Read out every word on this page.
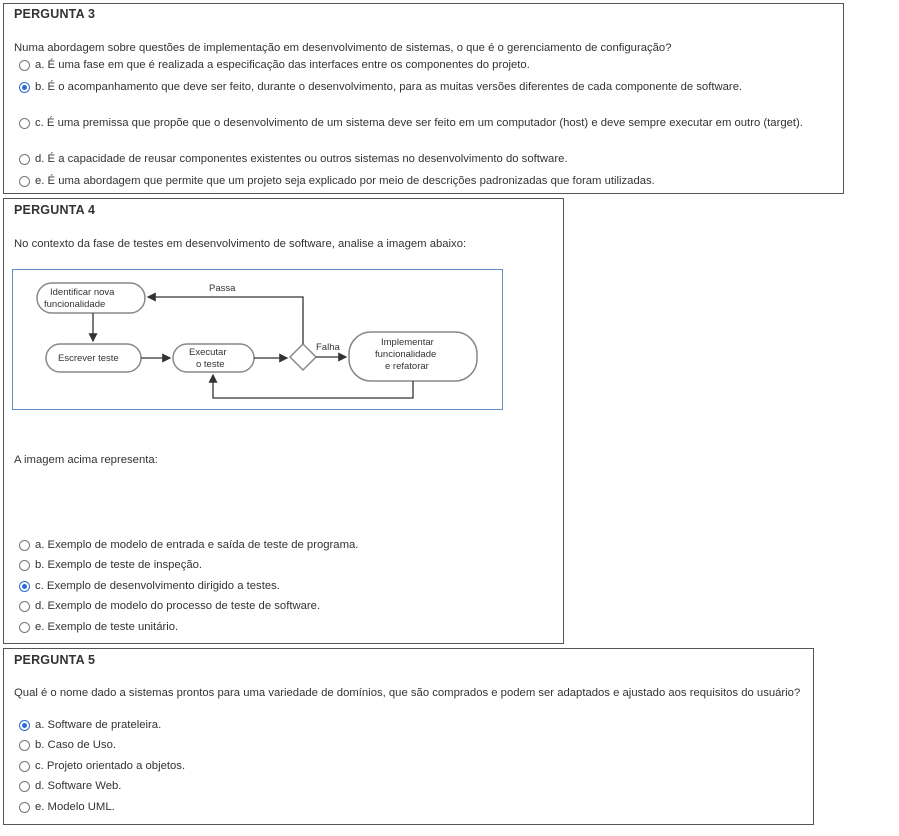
PERGUNTA 3
Numa abordagem sobre questões de implementação em desenvolvimento de sistemas, o que é o gerenciamento de configuração?
a. É uma fase em que é realizada a especificação das interfaces entre os componentes do projeto.
b. É o acompanhamento que deve ser feito, durante o desenvolvimento, para as muitas versões diferentes de cada componente de software.
c. É uma premissa que propõe que o desenvolvimento de um sistema deve ser feito em um computador (host) e deve sempre executar em outro (target).
d. É a capacidade de reusar componentes existentes ou outros sistemas no desenvolvimento do software.
e. É uma abordagem que permite que um projeto seja explicado por meio de descrições padronizadas que foram utilizadas.
PERGUNTA 4
No contexto da fase de testes em desenvolvimento de software, analise a imagem abaixo:
Identificar nova
funcionalidade
Escrever teste
Executar
o teste
Implementar
funcionalidade
e refatorar
Passa
Falha
A imagem acima representa:
a. Exemplo de modelo de entrada e saída de teste de programa.
b. Exemplo de teste de inspeção.
c. Exemplo de desenvolvimento dirigido a testes.
d. Exemplo de modelo do processo de teste de software.
e. Exemplo de teste unitário.
PERGUNTA 5
Qual é o nome dado a sistemas prontos para uma variedade de domínios, que são comprados e podem ser adaptados e ajustado aos requisitos do usuário?
a. Software de prateleira.
b. Caso de Uso.
c. Projeto orientado a objetos.
d. Software Web.
e. Modelo UML.
